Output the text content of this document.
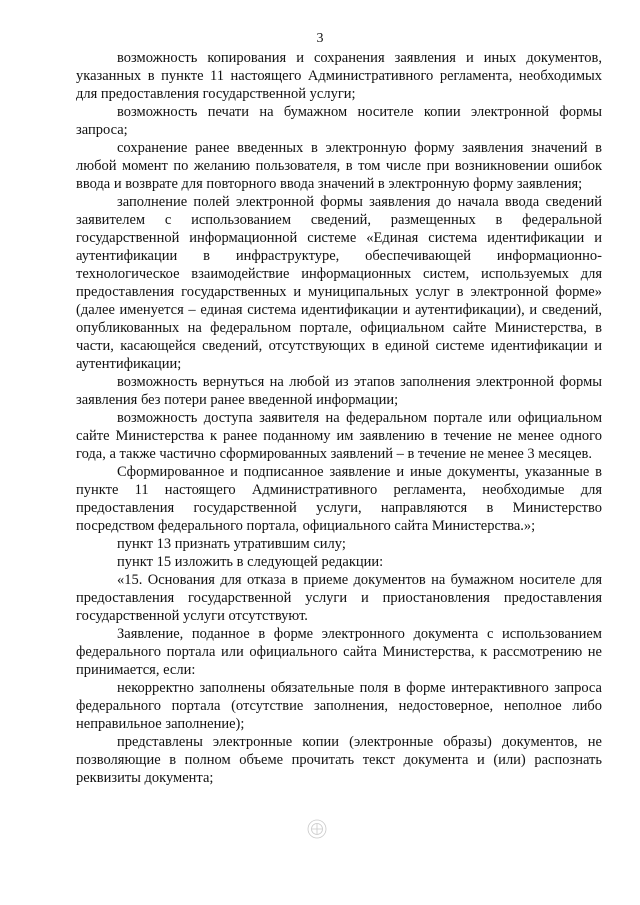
3

возможность копирования и сохранения заявления и иных документов, указанных в пункте 11 настоящего Административного регламента, необходимых для предоставления государственной услуги;

возможность печати на бумажном носителе копии электронной формы запроса;

сохранение ранее введенных в электронную форму заявления значений в любой момент по желанию пользователя, в том числе при возникновении ошибок ввода и возврате для повторного ввода значений в электронную форму заявления;

заполнение полей электронной формы заявления до начала ввода сведений заявителем с использованием сведений, размещенных в федеральной государственной информационной системе «Единая система идентификации и аутентификации в инфраструктуре, обеспечивающей информационно-технологическое взаимодействие информационных систем, используемых для предоставления государственных и муниципальных услуг в электронной форме» (далее именуется – единая система идентификации и аутентификации), и сведений, опубликованных на федеральном портале, официальном сайте Министерства, в части, касающейся сведений, отсутствующих в единой системе идентификации и аутентификации;

возможность вернуться на любой из этапов заполнения электронной формы заявления без потери ранее введенной информации;

возможность доступа заявителя на федеральном портале или официальном сайте Министерства к ранее поданному им заявлению в течение не менее одного года, а также частично сформированных заявлений – в течение не менее 3 месяцев.

Сформированное и подписанное заявление и иные документы, указанные в пункте 11 настоящего Административного регламента, необходимые для предоставления государственной услуги, направляются в Министерство посредством федерального портала, официального сайта Министерства.»;

пункт 13 признать утратившим силу;

пункт 15 изложить в следующей редакции:

«15. Основания для отказа в приеме документов на бумажном носителе для предоставления государственной услуги и приостановления предоставления государственной услуги отсутствуют.

Заявление, поданное в форме электронного документа с использованием федерального портала или официального сайта Министерства, к рассмотрению не принимается, если:

некорректно заполнены обязательные поля в форме интерактивного запроса федерального портала (отсутствие заполнения, недостоверное, неполное либо неправильное заполнение);

представлены электронные копии (электронные образы) документов, не позволяющие в полном объеме прочитать текст документа и (или) распознать реквизиты документа;
